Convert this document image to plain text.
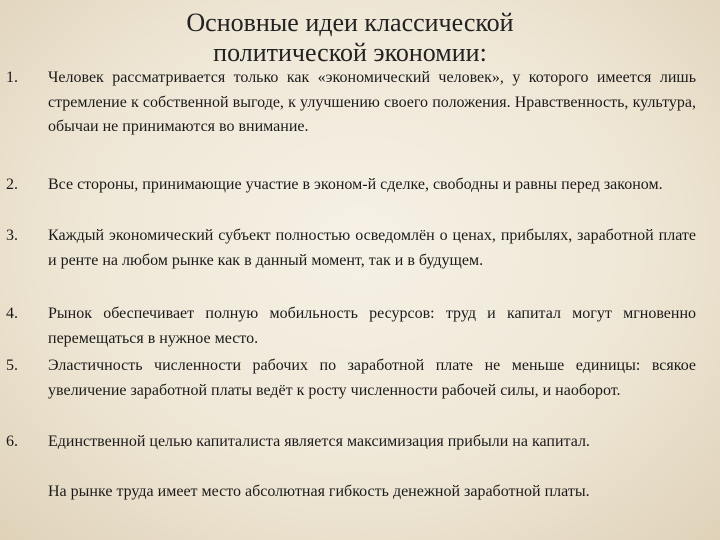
Основные идеи классической
политической экономии:
1.	Человек рассматривается только как «экономический человек», у которого имеется лишь стремление к собственной выгоде, к улучшению своего положения. Нравственность, культура, обычаи не принимаются во внимание.
2.	Все стороны, принимающие участие в эконом-й сделке, свободны и равны перед законом.
3.	Каждый экономический субъект полностью осведомлён о ценах, прибылях, заработной плате и ренте на любом рынке как в данный момент, так и в будущем.
4.	Рынок обеспечивает полную мобильность ресурсов: труд и капитал могут мгновенно перемещаться в нужное место.
5.	Эластичность численности рабочих по заработной плате не меньше единицы: всякое увеличение заработной платы ведёт к росту численности рабочей силы, и наоборот.
6.	Единственной целью капиталиста является максимизация прибыли на капитал.
На рынке труда имеет место абсолютная гибкость денежной заработной платы.
